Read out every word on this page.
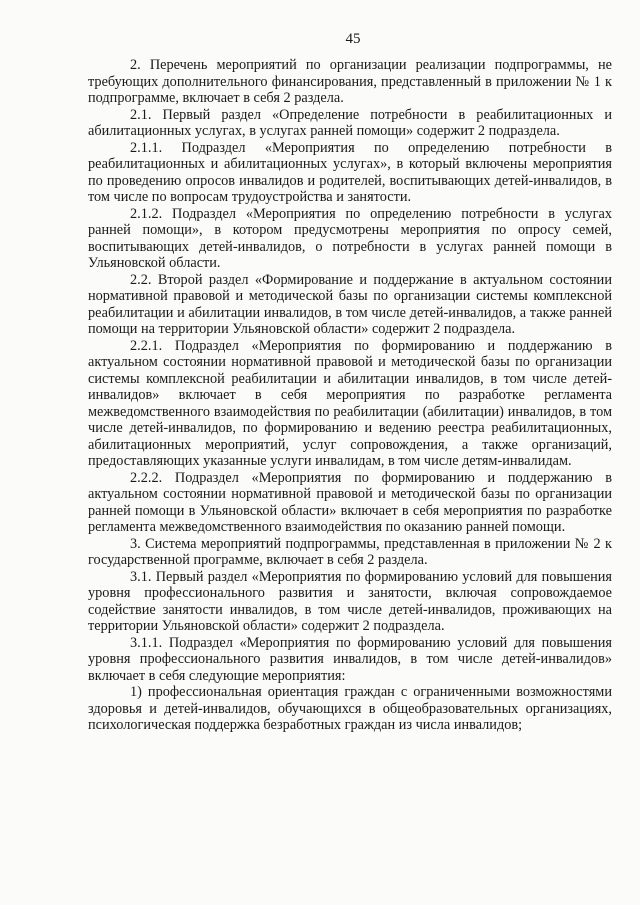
45

2. Перечень мероприятий по организации реализации подпрограммы, не требующих дополнительного финансирования, представленный в приложении № 1 к подпрограмме, включает в себя 2 раздела.

2.1. Первый раздел «Определение потребности в реабилитационных и абилитационных услугах, в услугах ранней помощи» содержит 2 подраздела.

2.1.1. Подраздел «Мероприятия по определению потребности в реабилитационных и абилитационных услугах», в который включены мероприятия по проведению опросов инвалидов и родителей, воспитывающих детей-инвалидов, в том числе по вопросам трудоустройства и занятости.

2.1.2. Подраздел «Мероприятия по определению потребности в услугах ранней помощи», в котором предусмотрены мероприятия по опросу семей, воспитывающих детей-инвалидов, о потребности в услугах ранней помощи в Ульяновской области.

2.2. Второй раздел «Формирование и поддержание в актуальном состоянии нормативной правовой и методической базы по организации системы комплексной реабилитации и абилитации инвалидов, в том числе детей-инвалидов, а также ранней помощи на территории Ульяновской области» содержит 2 подраздела.

2.2.1. Подраздел «Мероприятия по формированию и поддержанию в актуальном состоянии нормативной правовой и методической базы по организации системы комплексной реабилитации и абилитации инвалидов, в том числе детей-инвалидов» включает в себя мероприятия по разработке регламента межведомственного взаимодействия по реабилитации (абилитации) инвалидов, в том числе детей-инвалидов, по формированию и ведению реестра реабилитационных, абилитационных мероприятий, услуг сопровождения, а также организаций, предоставляющих указанные услуги инвалидам, в том числе детям-инвалидам.

2.2.2. Подраздел «Мероприятия по формированию и поддержанию в актуальном состоянии нормативной правовой и методической базы по организации ранней помощи в Ульяновской области» включает в себя мероприятия по разработке регламента межведомственного взаимодействия по оказанию ранней помощи.

3. Система мероприятий подпрограммы, представленная в приложении № 2 к государственной программе, включает в себя 2 раздела.

3.1. Первый раздел «Мероприятия по формированию условий для повышения уровня профессионального развития и занятости, включая сопровождаемое содействие занятости инвалидов, в том числе детей-инвалидов, проживающих на территории Ульяновской области» содержит 2 подраздела.

3.1.1. Подраздел «Мероприятия по формированию условий для повышения уровня профессионального развития инвалидов, в том числе детей-инвалидов» включает в себя следующие мероприятия:

1) профессиональная ориентация граждан с ограниченными возможностями здоровья и детей-инвалидов, обучающихся в общеобразовательных организациях, психологическая поддержка безработных граждан из числа инвалидов;
